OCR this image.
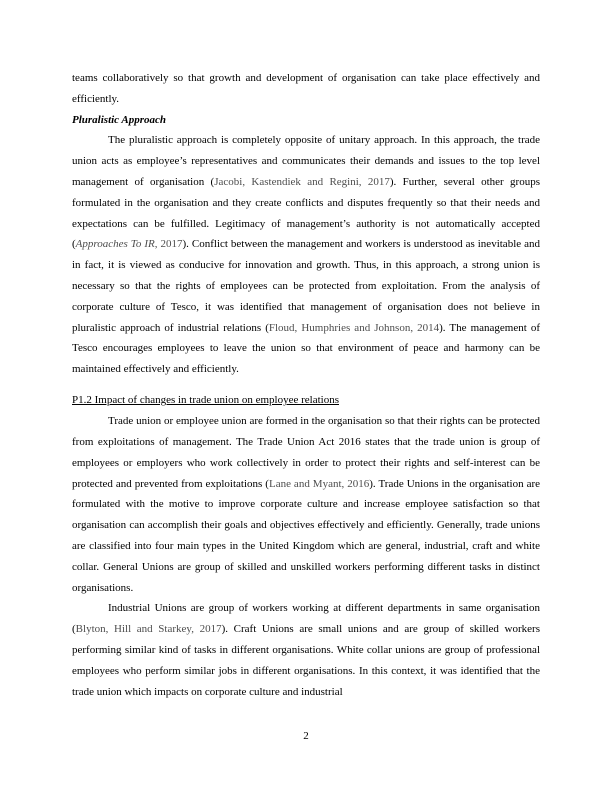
teams collaboratively so that growth and development of organisation can take place effectively and efficiently.

Pluralistic Approach

The pluralistic approach is completely opposite of unitary approach. In this approach, the trade union acts as employee’s representatives and communicates their demands and issues to the top level management of organisation (Jacobi, Kastendiek and Regini, 2017). Further, several other groups formulated in the organisation and they create conflicts and disputes frequently so that their needs and expectations can be fulfilled. Legitimacy of management’s authority is not automatically accepted (Approaches To IR, 2017). Conflict between the management and workers is understood as inevitable and in fact, it is viewed as conducive for innovation and growth. Thus, in this approach, a strong union is necessary so that the rights of employees can be protected from exploitation. From the analysis of corporate culture of Tesco, it was identified that management of organisation does not believe in pluralistic approach of industrial relations (Floud, Humphries and Johnson, 2014). The management of Tesco encourages employees to leave the union so that environment of peace and harmony can be maintained effectively and efficiently.

P1.2 Impact of changes in trade union on employee relations

Trade union or employee union are formed in the organisation so that their rights can be protected from exploitations of management. The Trade Union Act 2016 states that the trade union is group of employees or employers who work collectively in order to protect their rights and self-interest can be protected and prevented from exploitations (Lane and Myant, 2016). Trade Unions in the organisation are formulated with the motive to improve corporate culture and increase employee satisfaction so that organisation can accomplish their goals and objectives effectively and efficiently. Generally, trade unions are classified into four main types in the United Kingdom which are general, industrial, craft and white collar. General Unions are group of skilled and unskilled workers performing different tasks in distinct organisations.

Industrial Unions are group of workers working at different departments in same organisation (Blyton, Hill and Starkey, 2017). Craft Unions are small unions and are group of skilled workers performing similar kind of tasks in different organisations. White collar unions are group of professional employees who perform similar jobs in different organisations. In this context, it was identified that the trade union which impacts on corporate culture and industrial

2
